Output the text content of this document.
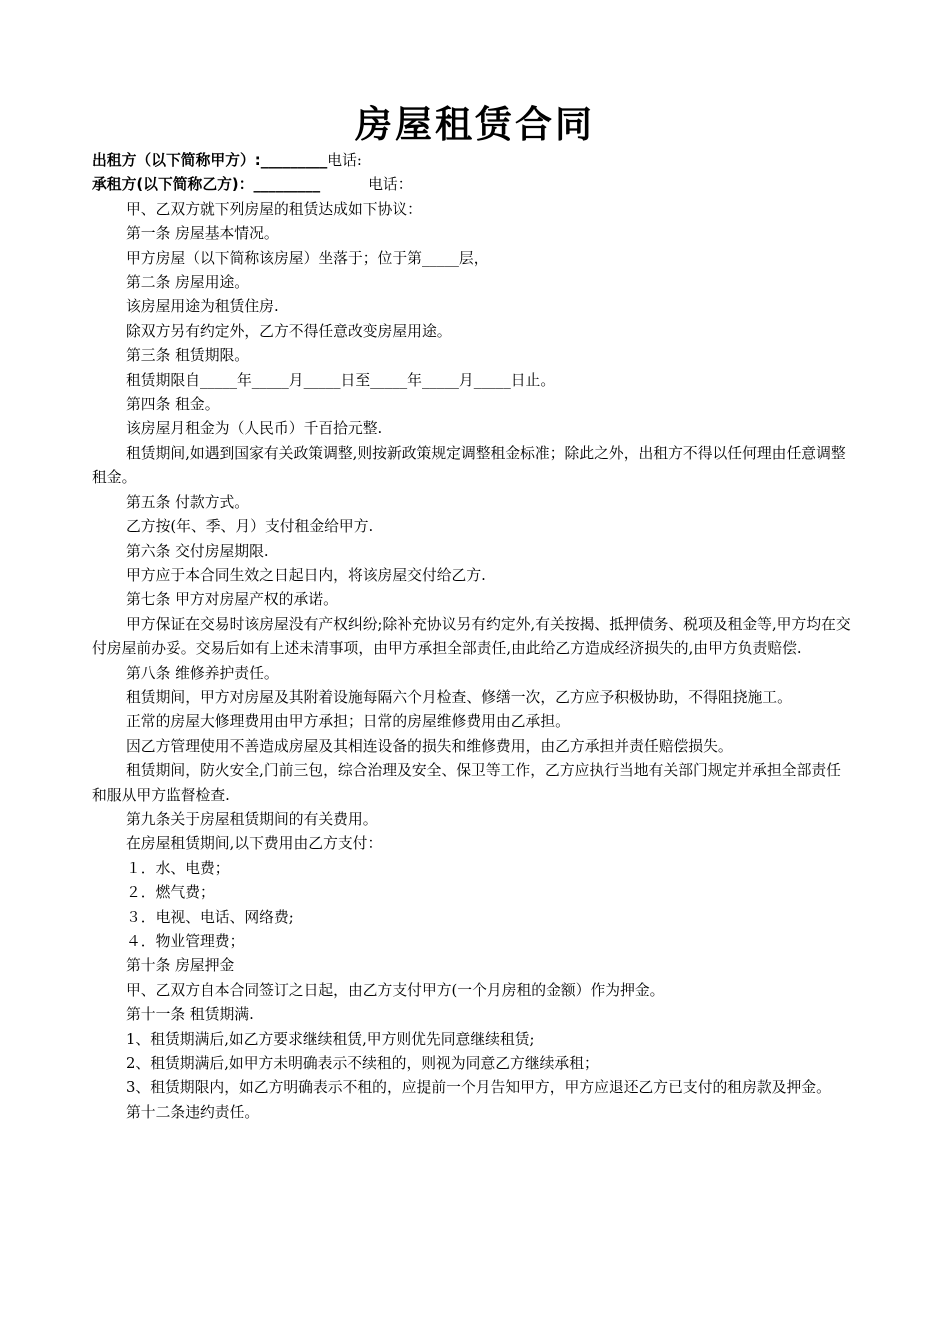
房屋租赁合同

出租方（以下简称甲方）:_________电话:

承租方(以下简称乙方)：_________	电话：

甲、乙双方就下列房屋的租赁达成如下协议：

第一条 房屋基本情况。

甲方房屋（以下简称该房屋）坐落于；位于第_____层，

第二条 房屋用途。

该房屋用途为租赁住房.

除双方另有约定外，乙方不得任意改变房屋用途。

第三条 租赁期限。

租赁期限自_____年_____月_____日至_____年_____月_____日止。

第四条 租金。

该房屋月租金为（人民币）千百拾元整.

租赁期间,如遇到国家有关政策调整,则按新政策规定调整租金标准；除此之外，出租方不得以任何理由任意调整租金。

第五条 付款方式。

乙方按(年、季、月）支付租金给甲方.

第六条 交付房屋期限.

甲方应于本合同生效之日起日内，将该房屋交付给乙方.

第七条 甲方对房屋产权的承诺。

甲方保证在交易时该房屋没有产权纠纷;除补充协议另有约定外,有关按揭、抵押债务、税项及租金等,甲方均在交付房屋前办妥。交易后如有上述未清事项，由甲方承担全部责任,由此给乙方造成经济损失的,由甲方负责赔偿.

第八条 维修养护责任。

租赁期间，甲方对房屋及其附着设施每隔六个月检查、修缮一次，乙方应予积极协助，不得阻挠施工。

正常的房屋大修理费用由甲方承担；日常的房屋维修费用由乙承担。

因乙方管理使用不善造成房屋及其相连设备的损失和维修费用，由乙方承担并责任赔偿损失。

租赁期间，防火安全,门前三包，综合治理及安全、保卫等工作，乙方应执行当地有关部门规定并承担全部责任和服从甲方监督检查.

第九条关于房屋租赁期间的有关费用。

在房屋租赁期间,以下费用由乙方支付：

１．水、电费；

２．燃气费；

３．电视、电话、网络费;

４．物业管理费；

第十条 房屋押金

甲、乙双方自本合同签订之日起，由乙方支付甲方(一个月房租的金额）作为押金。

第十一条 租赁期满.

1、租赁期满后,如乙方要求继续租赁,甲方则优先同意继续租赁;

2、租赁期满后,如甲方未明确表示不续租的，则视为同意乙方继续承租；

3、租赁期限内，如乙方明确表示不租的，应提前一个月告知甲方，甲方应退还乙方已支付的租房款及押金。

第十二条违约责任。
